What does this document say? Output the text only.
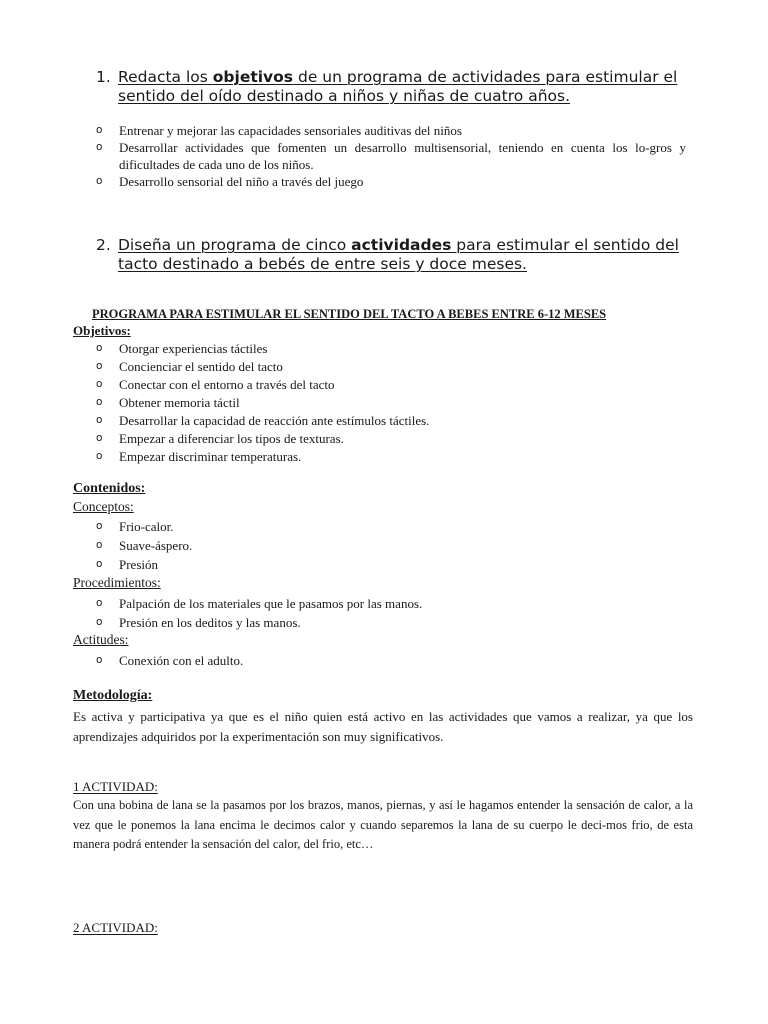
1. Redacta los objetivos de un programa de actividades para estimular el sentido del oído destinado a niños y niñas de cuatro años.
o Entrenar y mejorar las capacidades sensoriales auditivas del niños
o Desarrollar actividades que fomenten un desarrollo multisensorial, teniendo en cuenta los lo-gros y dificultades de cada uno de los niños.
o Desarrollo sensorial del niño a través del juego
2. Diseña un programa de cinco actividades para estimular el sentido del tacto destinado a bebés de entre seis y doce meses.
PROGRAMA PARA ESTIMULAR EL SENTIDO DEL TACTO A BEBES ENTRE 6-12 MESES
Objetivos:
o Otorgar experiencias táctiles
o Concienciar el sentido del tacto
o Conectar con el entorno a través del tacto
o Obtener memoria táctil
o Desarrollar la capacidad de reacción ante estímulos táctiles.
o Empezar a diferenciar los tipos de texturas.
o Empezar discriminar temperaturas.
Contenidos:
Conceptos:
o Frio-calor.
o Suave-áspero.
o Presión
Procedimientos:
o Palpación de los materiales que le pasamos por las manos.
o Presión en los deditos y las manos.
Actitudes:
o Conexión con el adulto.
Metodología:
Es activa y participativa ya que es el niño quien está activo en las actividades que vamos a realizar, ya que los aprendizajes adquiridos por la experimentación son muy significativos.
1 ACTIVIDAD:
Con una bobina de lana se la pasamos por los brazos, manos, piernas, y así le hagamos entender la sensación de calor, a la vez que le ponemos la lana encima le decimos calor y cuando separemos la lana de su cuerpo le deci-mos frio, de esta manera podrá entender la sensación del calor, del frio, etc…
2 ACTIVIDAD:
